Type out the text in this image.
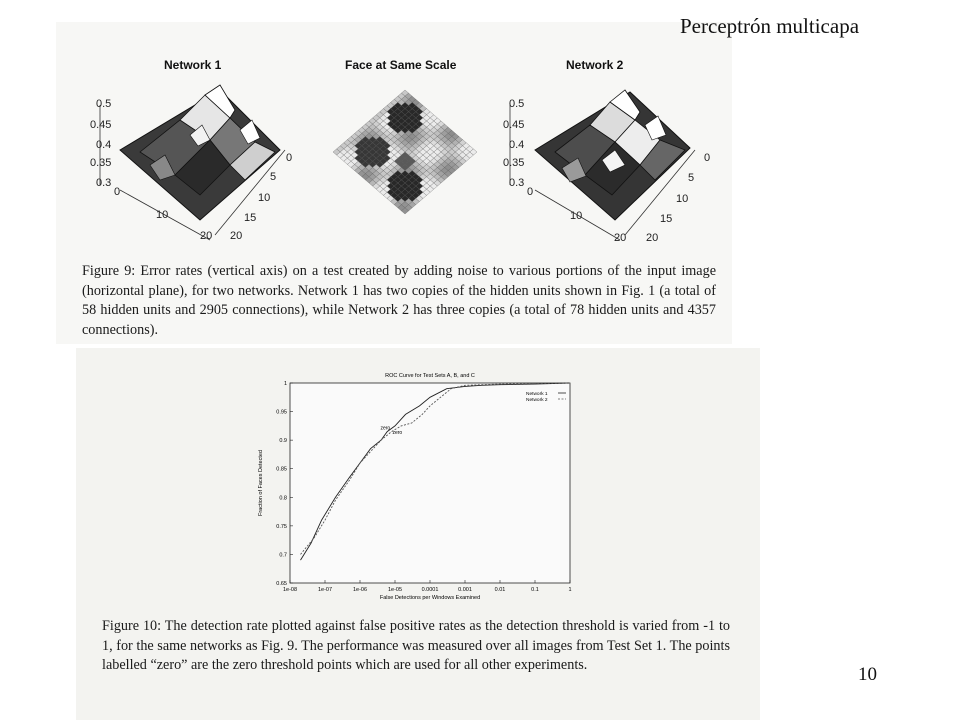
Perceptrón multicapa
10
Network 1	Face at Same Scale	Network 2
0.5
0.45
0.4
0.35
0.3
0
10
20
0
5
10
15
20
0.5
0.45
0.4
0.35
0.3
0
10
20
0
5
10
15
20

Figure 9: Error rates (vertical axis) on a test created by adding noise to various portions of the input image (horizontal plane), for two networks. Network 1 has two copies of the hidden units shown in Fig. 1 (a total of 58 hidden units and 2905 connections), while Network 2 has three copies (a total of 78 hidden units and 4357 connections).

ROC Curve for Test Sets A, B, and C
False Detections per Windows Examined
Fraction of Faces Detected
1e-08	1e-07	1e-06	1e-05	0.0001	0.001	0.01	0.1	1
1
0.95
0.9
0.85
0.8
0.75
0.7
0.65
Network 1
Network 2
zero
zero

Figure 10: The detection rate plotted against false positive rates as the detection threshold is varied from -1 to 1, for the same networks as Fig. 9. The performance was measured over all images from Test Set 1. The points labelled “zero” are the zero threshold points which are used for all other experiments.
